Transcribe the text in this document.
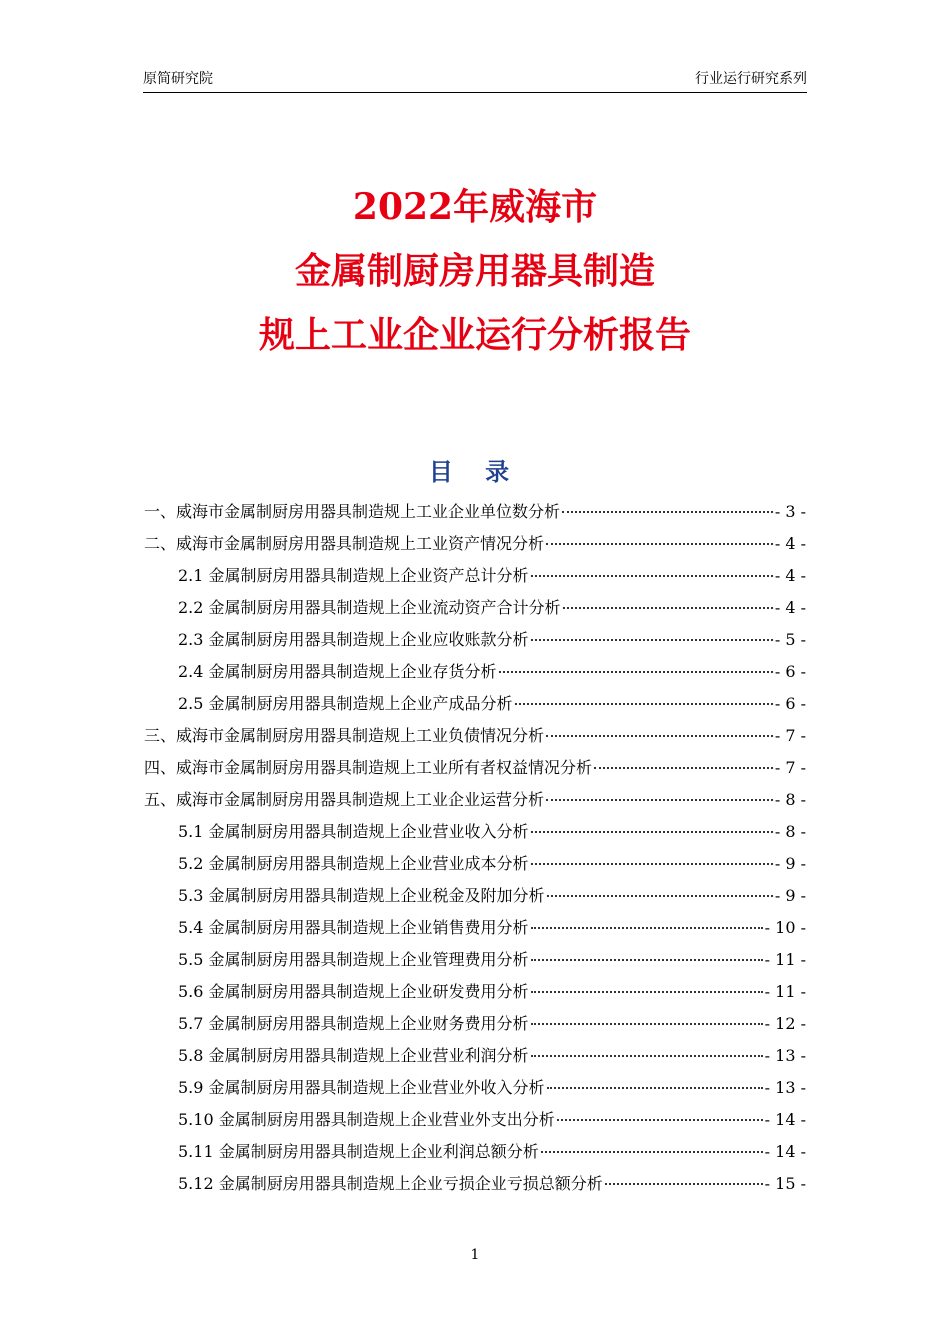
原简研究院	行业运行研究系列
2022年威海市
金属制厨房用器具制造
规上工业企业运行分析报告
目 录
一、威海市金属制厨房用器具制造规上工业企业单位数分析	- 3 -
二、威海市金属制厨房用器具制造规上工业资产情况分析	- 4 -
2.1 金属制厨房用器具制造规上企业资产总计分析	- 4 -
2.2 金属制厨房用器具制造规上企业流动资产合计分析	- 4 -
2.3 金属制厨房用器具制造规上企业应收账款分析	- 5 -
2.4 金属制厨房用器具制造规上企业存货分析	- 6 -
2.5 金属制厨房用器具制造规上企业产成品分析	- 6 -
三、威海市金属制厨房用器具制造规上工业负债情况分析	- 7 -
四、威海市金属制厨房用器具制造规上工业所有者权益情况分析	- 7 -
五、威海市金属制厨房用器具制造规上工业企业运营分析	- 8 -
5.1 金属制厨房用器具制造规上企业营业收入分析	- 8 -
5.2 金属制厨房用器具制造规上企业营业成本分析	- 9 -
5.3 金属制厨房用器具制造规上企业税金及附加分析	- 9 -
5.4 金属制厨房用器具制造规上企业销售费用分析	- 10 -
5.5 金属制厨房用器具制造规上企业管理费用分析	- 11 -
5.6 金属制厨房用器具制造规上企业研发费用分析	- 11 -
5.7 金属制厨房用器具制造规上企业财务费用分析	- 12 -
5.8 金属制厨房用器具制造规上企业营业利润分析	- 13 -
5.9 金属制厨房用器具制造规上企业营业外收入分析	- 13 -
5.10 金属制厨房用器具制造规上企业营业外支出分析	- 14 -
5.11 金属制厨房用器具制造规上企业利润总额分析	- 14 -
5.12 金属制厨房用器具制造规上企业亏损企业亏损总额分析	- 15 -
1
